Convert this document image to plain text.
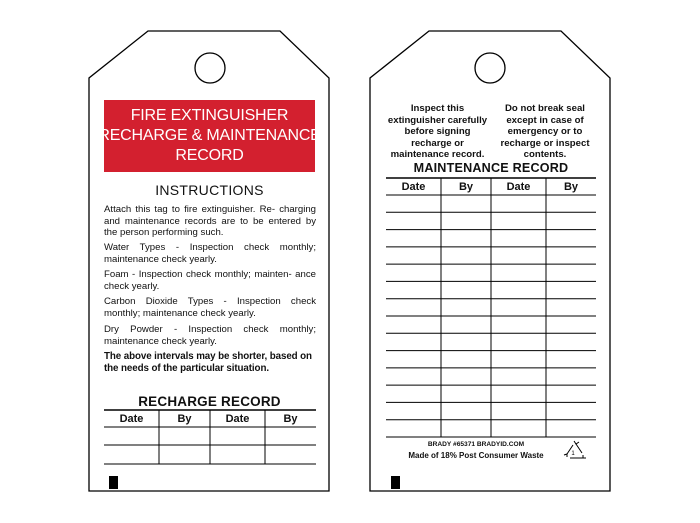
1
FIRE EXTINGUISHER
RECHARGE & MAINTENANCE
RECORD
INSTRUCTIONS
Attach this tag to fire extinguisher. Re- charging and maintenance records are to be entered by the person performing such.
Water Types - Inspection check monthly; maintenance check yearly.
Foam - Inspection check monthly; mainten- ance check yearly.
Carbon Dioxide Types - Inspection check monthly; maintenance check yearly.
Dry Powder - Inspection check monthly; maintenance check yearly.
The above intervals may be shorter, based on the needs of the particular situation.
RECHARGE RECORD
Date	By	Date	By
Inspect this extinguisher carefully before signing recharge or maintenance record.
Do not break seal except in case of emergency or to recharge or inspect contents.
MAINTENANCE RECORD
Date	By	Date	By
BRADY #65371 BRADYID.COM
Made of 18% Post Consumer Waste
